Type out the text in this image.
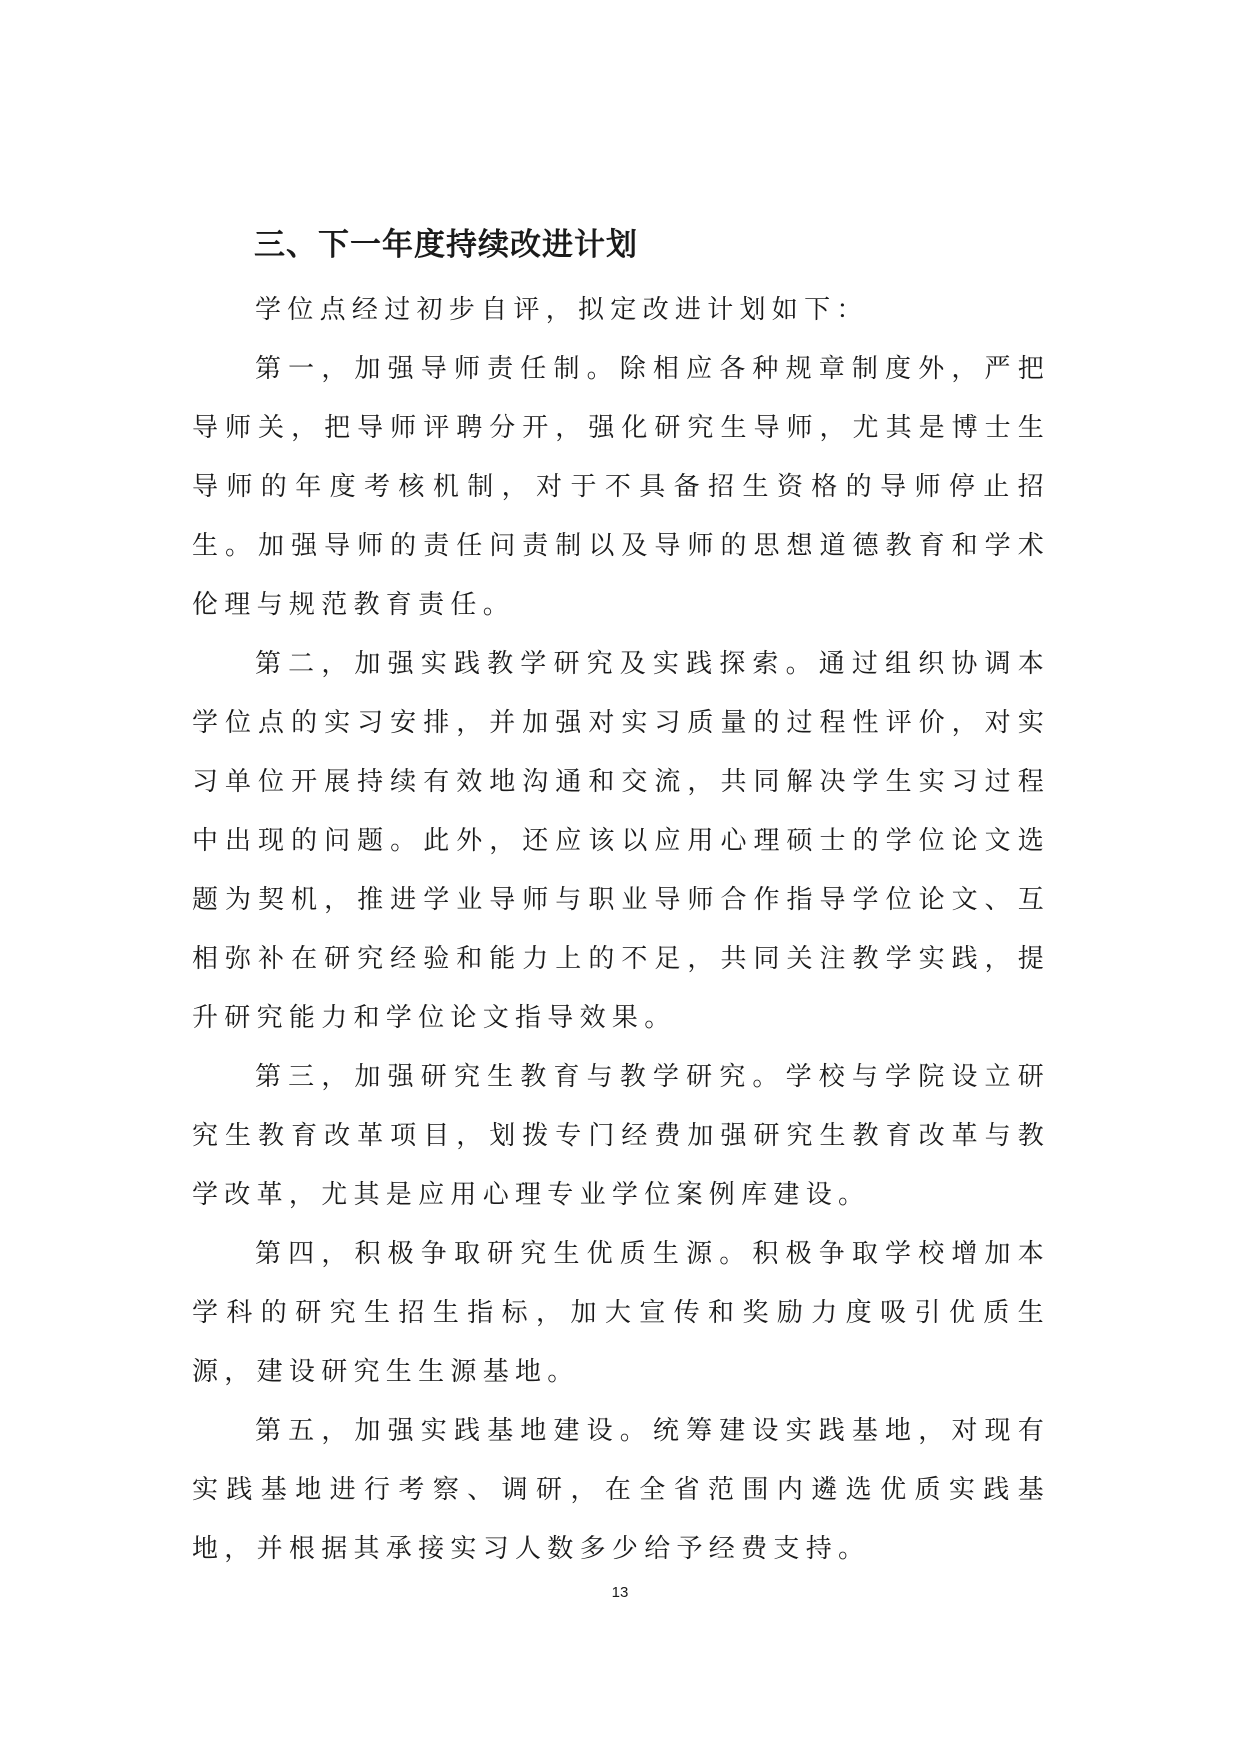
三、下一年度持续改进计划

学位点经过初步自评，拟定改进计划如下：

第一，加强导师责任制。除相应各种规章制度外，严把导师关，把导师评聘分开，强化研究生导师，尤其是博士生导师的年度考核机制，对于不具备招生资格的导师停止招生。加强导师的责任问责制以及导师的思想道德教育和学术伦理与规范教育责任。

第二，加强实践教学研究及实践探索。通过组织协调本学位点的实习安排，并加强对实习质量的过程性评价，对实习单位开展持续有效地沟通和交流，共同解决学生实习过程中出现的问题。此外，还应该以应用心理硕士的学位论文选题为契机，推进学业导师与职业导师合作指导学位论文、互相弥补在研究经验和能力上的不足，共同关注教学实践，提升研究能力和学位论文指导效果。

第三，加强研究生教育与教学研究。学校与学院设立研究生教育改革项目，划拨专门经费加强研究生教育改革与教学改革，尤其是应用心理专业学位案例库建设。

第四，积极争取研究生优质生源。积极争取学校增加本学科的研究生招生指标，加大宣传和奖励力度吸引优质生源，建设研究生生源基地。

第五，加强实践基地建设。统筹建设实践基地，对现有实践基地进行考察、调研，在全省范围内遴选优质实践基地，并根据其承接实习人数多少给予经费支持。

13
